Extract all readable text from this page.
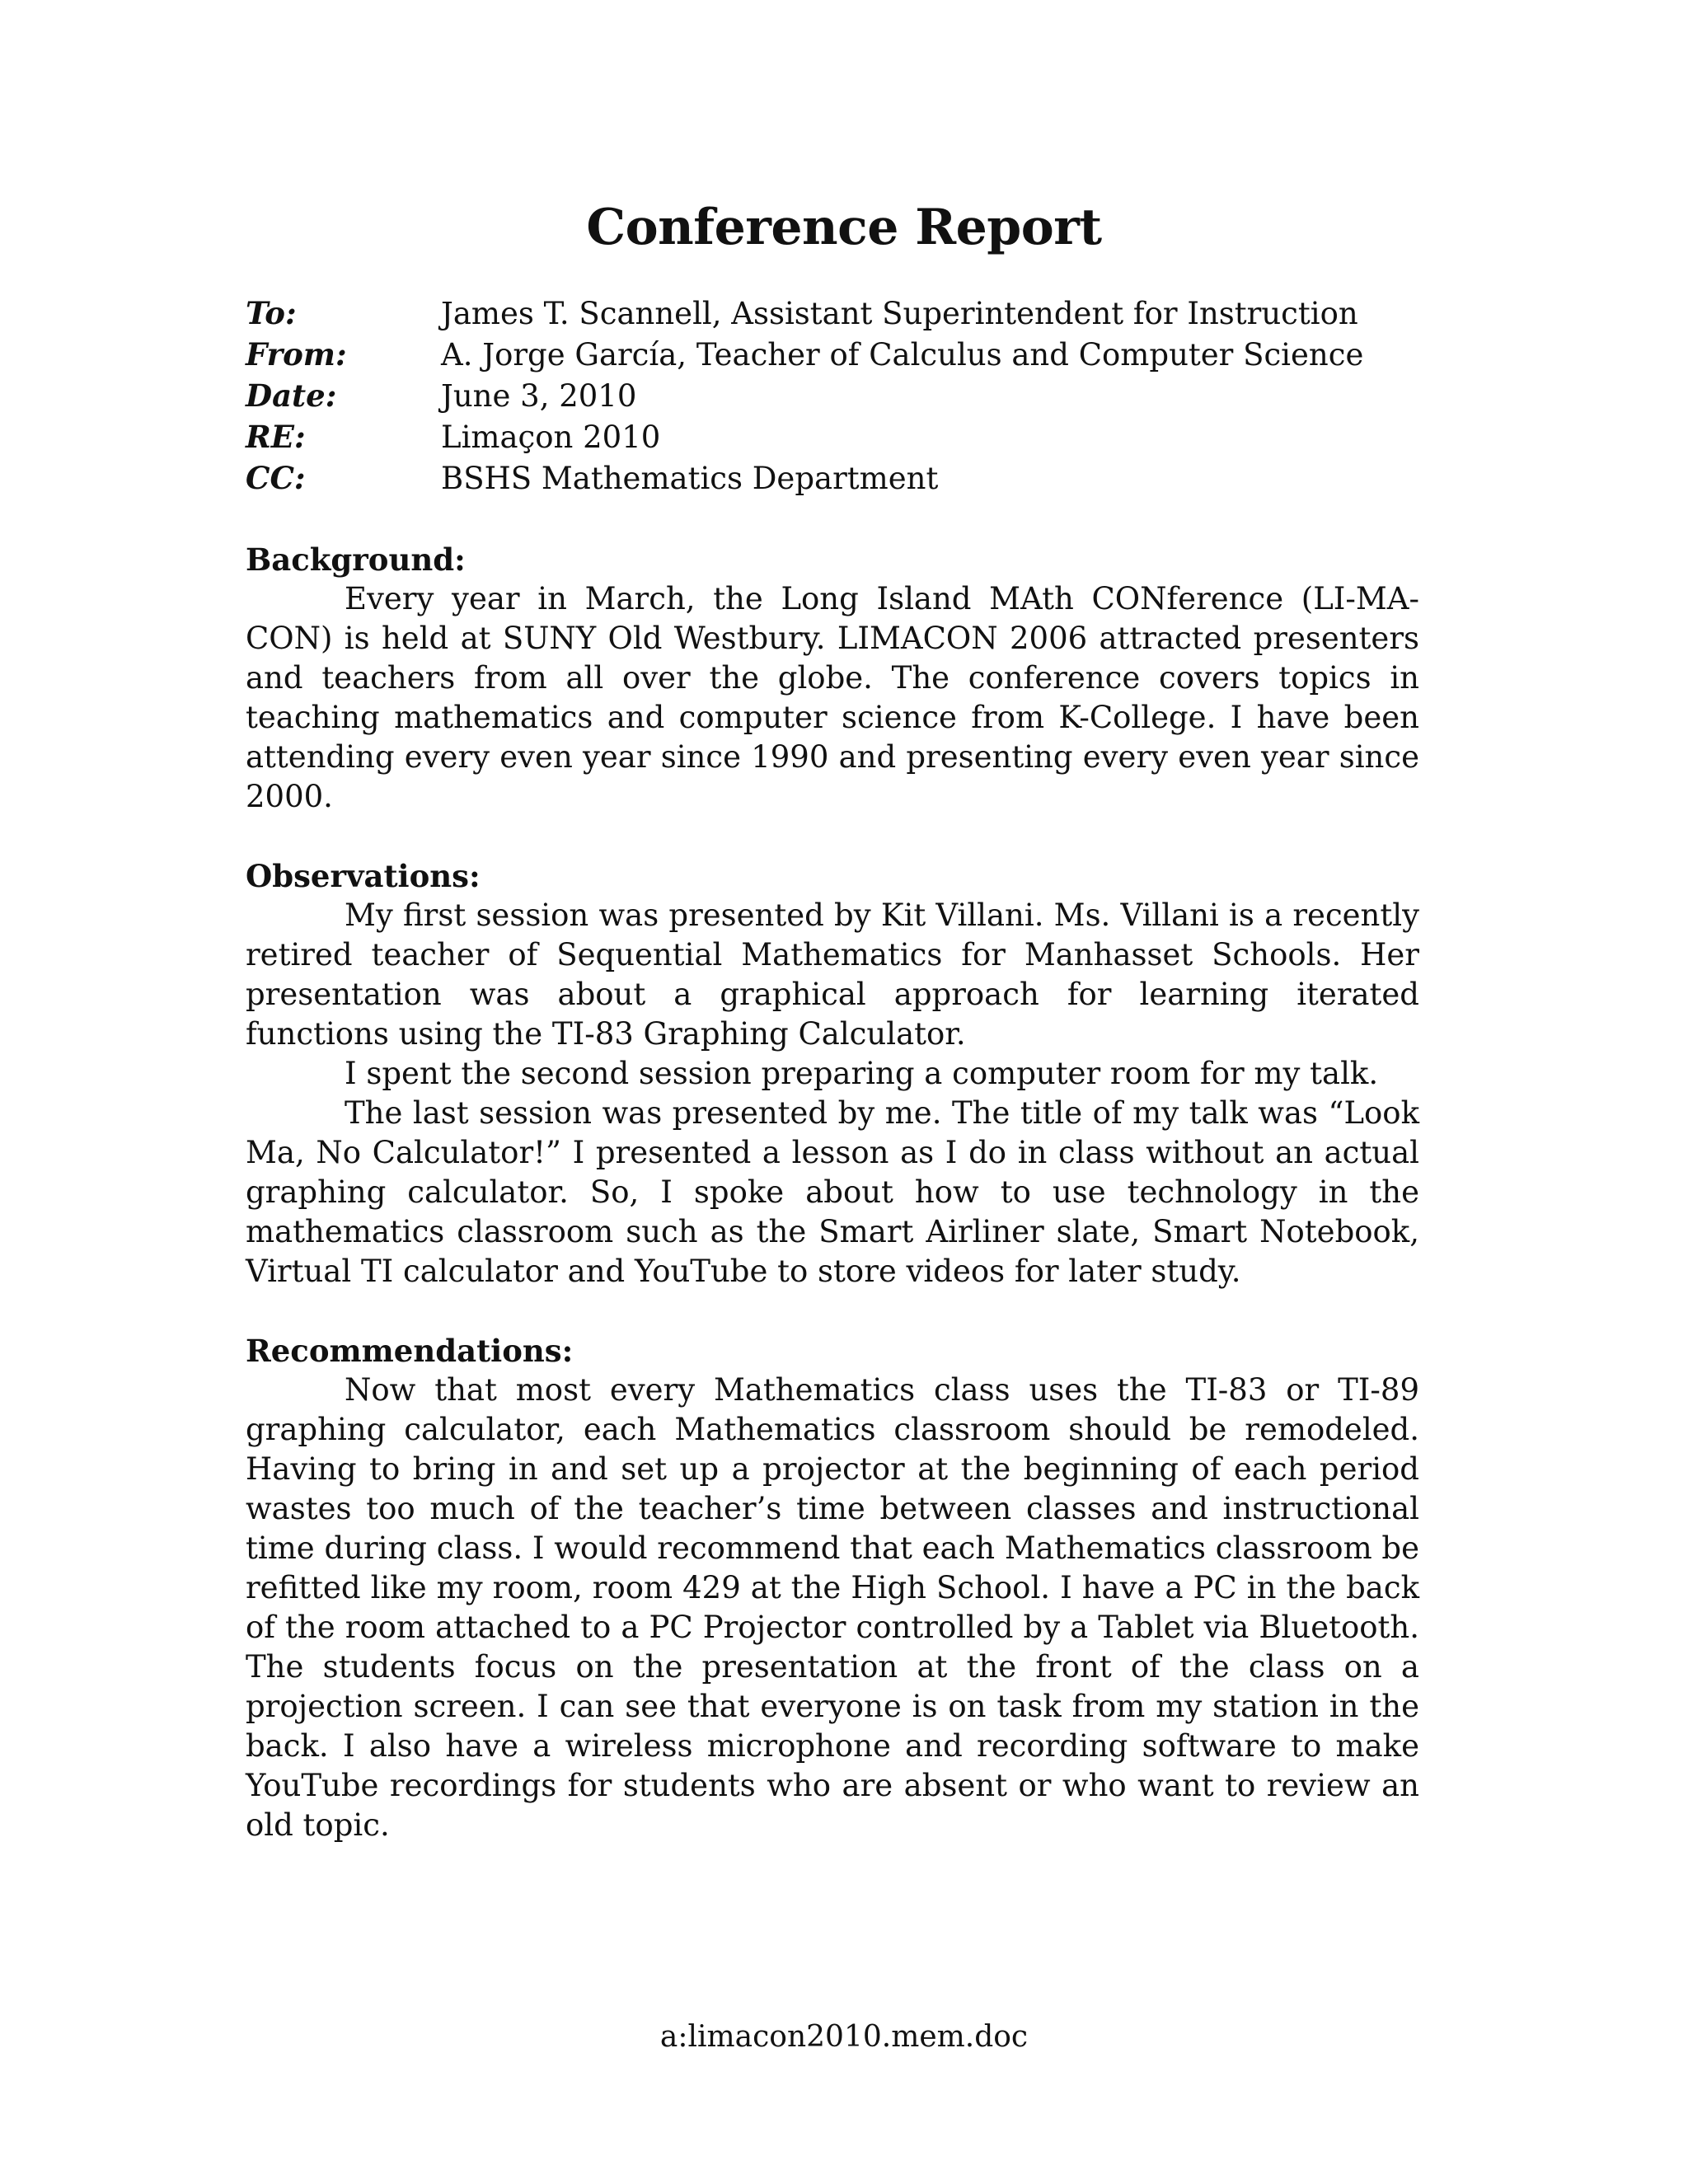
Conference Report
To:	James T. Scannell, Assistant Superintendent for Instruction
From:	A. Jorge García, Teacher of Calculus and Computer Science
Date:	June 3, 2010
RE:	Limaçon 2010
CC:	BSHS Mathematics Department

Background:

Every year in March, the Long Island MAth CONference (LI-MA-CON) is held at SUNY Old Westbury. LIMACON 2006 attracted presenters and teachers from all over the globe. The conference covers topics in teaching mathematics and computer science from K-College. I have been attending every even year since 1990 and presenting every even year since 2000.

Observations:

My first session was presented by Kit Villani. Ms. Villani is a recently retired teacher of Sequential Mathematics for Manhasset Schools. Her presentation was about a graphical approach for learning iterated functions using the TI-83 Graphing Calculator.

I spent the second session preparing a computer room for my talk.

The last session was presented by me. The title of my talk was “Look Ma, No Calculator!” I presented a lesson as I do in class without an actual graphing calculator. So, I spoke about how to use technology in the mathematics classroom such as the Smart Airliner slate, Smart Notebook, Virtual TI calculator and YouTube to store videos for later study.

Recommendations:

Now that most every Mathematics class uses the TI-83 or TI-89 graphing calculator, each Mathematics classroom should be remodeled. Having to bring in and set up a projector at the beginning of each period wastes too much of the teacher’s time between classes and instructional time during class. I would recommend that each Mathematics classroom be refitted like my room, room 429 at the High School. I have a PC in the back of the room attached to a PC Projector controlled by a Tablet via Bluetooth. The students focus on the presentation at the front of the class on a projection screen. I can see that everyone is on task from my station in the back. I also have a wireless microphone and recording software to make YouTube recordings for students who are absent or who want to review an old topic.

a:limacon2010.mem.doc
